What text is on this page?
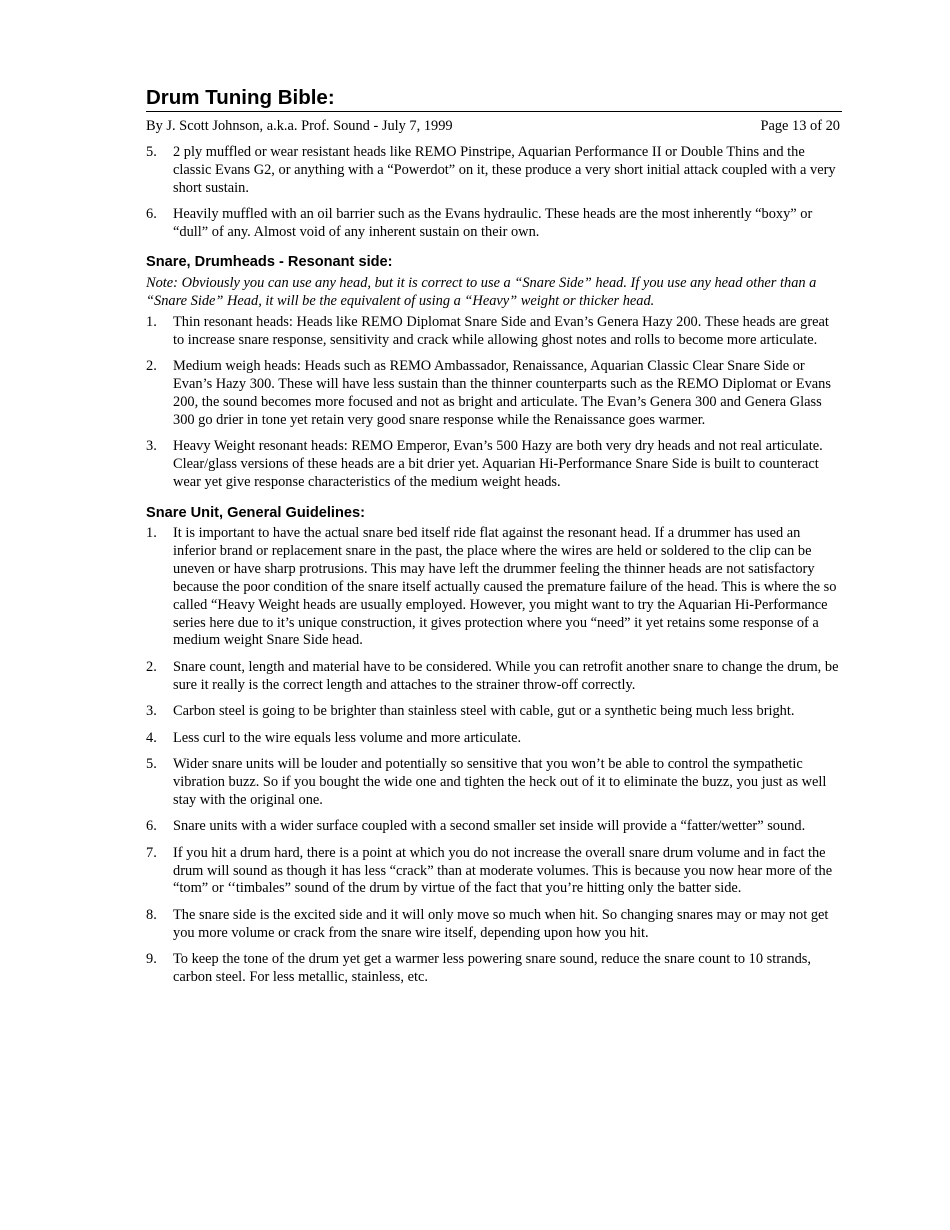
Drum Tuning Bible:
By J. Scott Johnson, a.k.a. Prof. Sound - July 7, 1999	Page 13 of 20
5. 2 ply muffled or wear resistant heads like REMO Pinstripe, Aquarian Performance II or Double Thins and the classic Evans G2, or anything with a “Powerdot” on it, these produce a very short initial attack coupled with a very short sustain.
6. Heavily muffled with an oil barrier such as the Evans hydraulic. These heads are the most inherently “boxy” or “dull” of any. Almost void of any inherent sustain on their own.
Snare, Drumheads - Resonant side:

Note: Obviously you can use any head, but it is correct to use a “Snare Side” head. If you use any head other than a “Snare Side” Head, it will be the equivalent of using a “Heavy” weight or thicker head.

1. Thin resonant heads: Heads like REMO Diplomat Snare Side and Evan’s Genera Hazy 200. These heads are great to increase snare response, sensitivity and crack while allowing ghost notes and rolls to become more articulate.
2. Medium weigh heads: Heads such as REMO Ambassador, Renaissance, Aquarian Classic Clear Snare Side or Evan’s Hazy 300. These will have less sustain than the thinner counterparts such as the REMO Diplomat or Evans 200, the sound becomes more focused and not as bright and articulate. The Evan’s Genera 300 and Genera Glass 300 go drier in tone yet retain very good snare response while the Renaissance goes warmer.
3. Heavy Weight resonant heads: REMO Emperor, Evan’s 500 Hazy are both very dry heads and not real articulate. Clear/glass versions of these heads are a bit drier yet. Aquarian Hi-Performance Snare Side is built to counteract wear yet give response characteristics of the medium weight heads.
Snare Unit, General Guidelines:
1. It is important to have the actual snare bed itself ride flat against the resonant head. If a drummer has used an inferior brand or replacement snare in the past, the place where the wires are held or soldered to the clip can be uneven or have sharp protrusions. This may have left the drummer feeling the thinner heads are not satisfactory because the poor condition of the snare itself actually caused the premature failure of the head. This is where the so called “Heavy Weight heads are usually employed. However, you might want to try the Aquarian Hi-Performance series here due to it’s unique construction, it gives protection where you “need” it yet retains some response of a medium weight Snare Side head.
2. Snare count, length and material have to be considered. While you can retrofit another snare to change the drum, be sure it really is the correct length and attaches to the strainer throw-off correctly.
3. Carbon steel is going to be brighter than stainless steel with cable, gut or a synthetic being much less bright.
4. Less curl to the wire equals less volume and more articulate.
5. Wider snare units will be louder and potentially so sensitive that you won’t be able to control the sympathetic vibration buzz. So if you bought the wide one and tighten the heck out of it to eliminate the buzz, you just as well stay with the original one.
6. Snare units with a wider surface coupled with a second smaller set inside will provide a “fatter/wetter” sound.
7. If you hit a drum hard, there is a point at which you do not increase the overall snare drum volume and in fact the drum will sound as though it has less “crack” than at moderate volumes. This is because you now hear more of the “tom” or ‘‘timbales” sound of the drum by virtue of the fact that you’re hitting only the batter side.
8. The snare side is the excited side and it will only move so much when hit. So changing snares may or may not get you more volume or crack from the snare wire itself, depending upon how you hit.
9. To keep the tone of the drum yet get a warmer less powering snare sound, reduce the snare count to 10 strands, carbon steel. For less metallic, stainless, etc.
